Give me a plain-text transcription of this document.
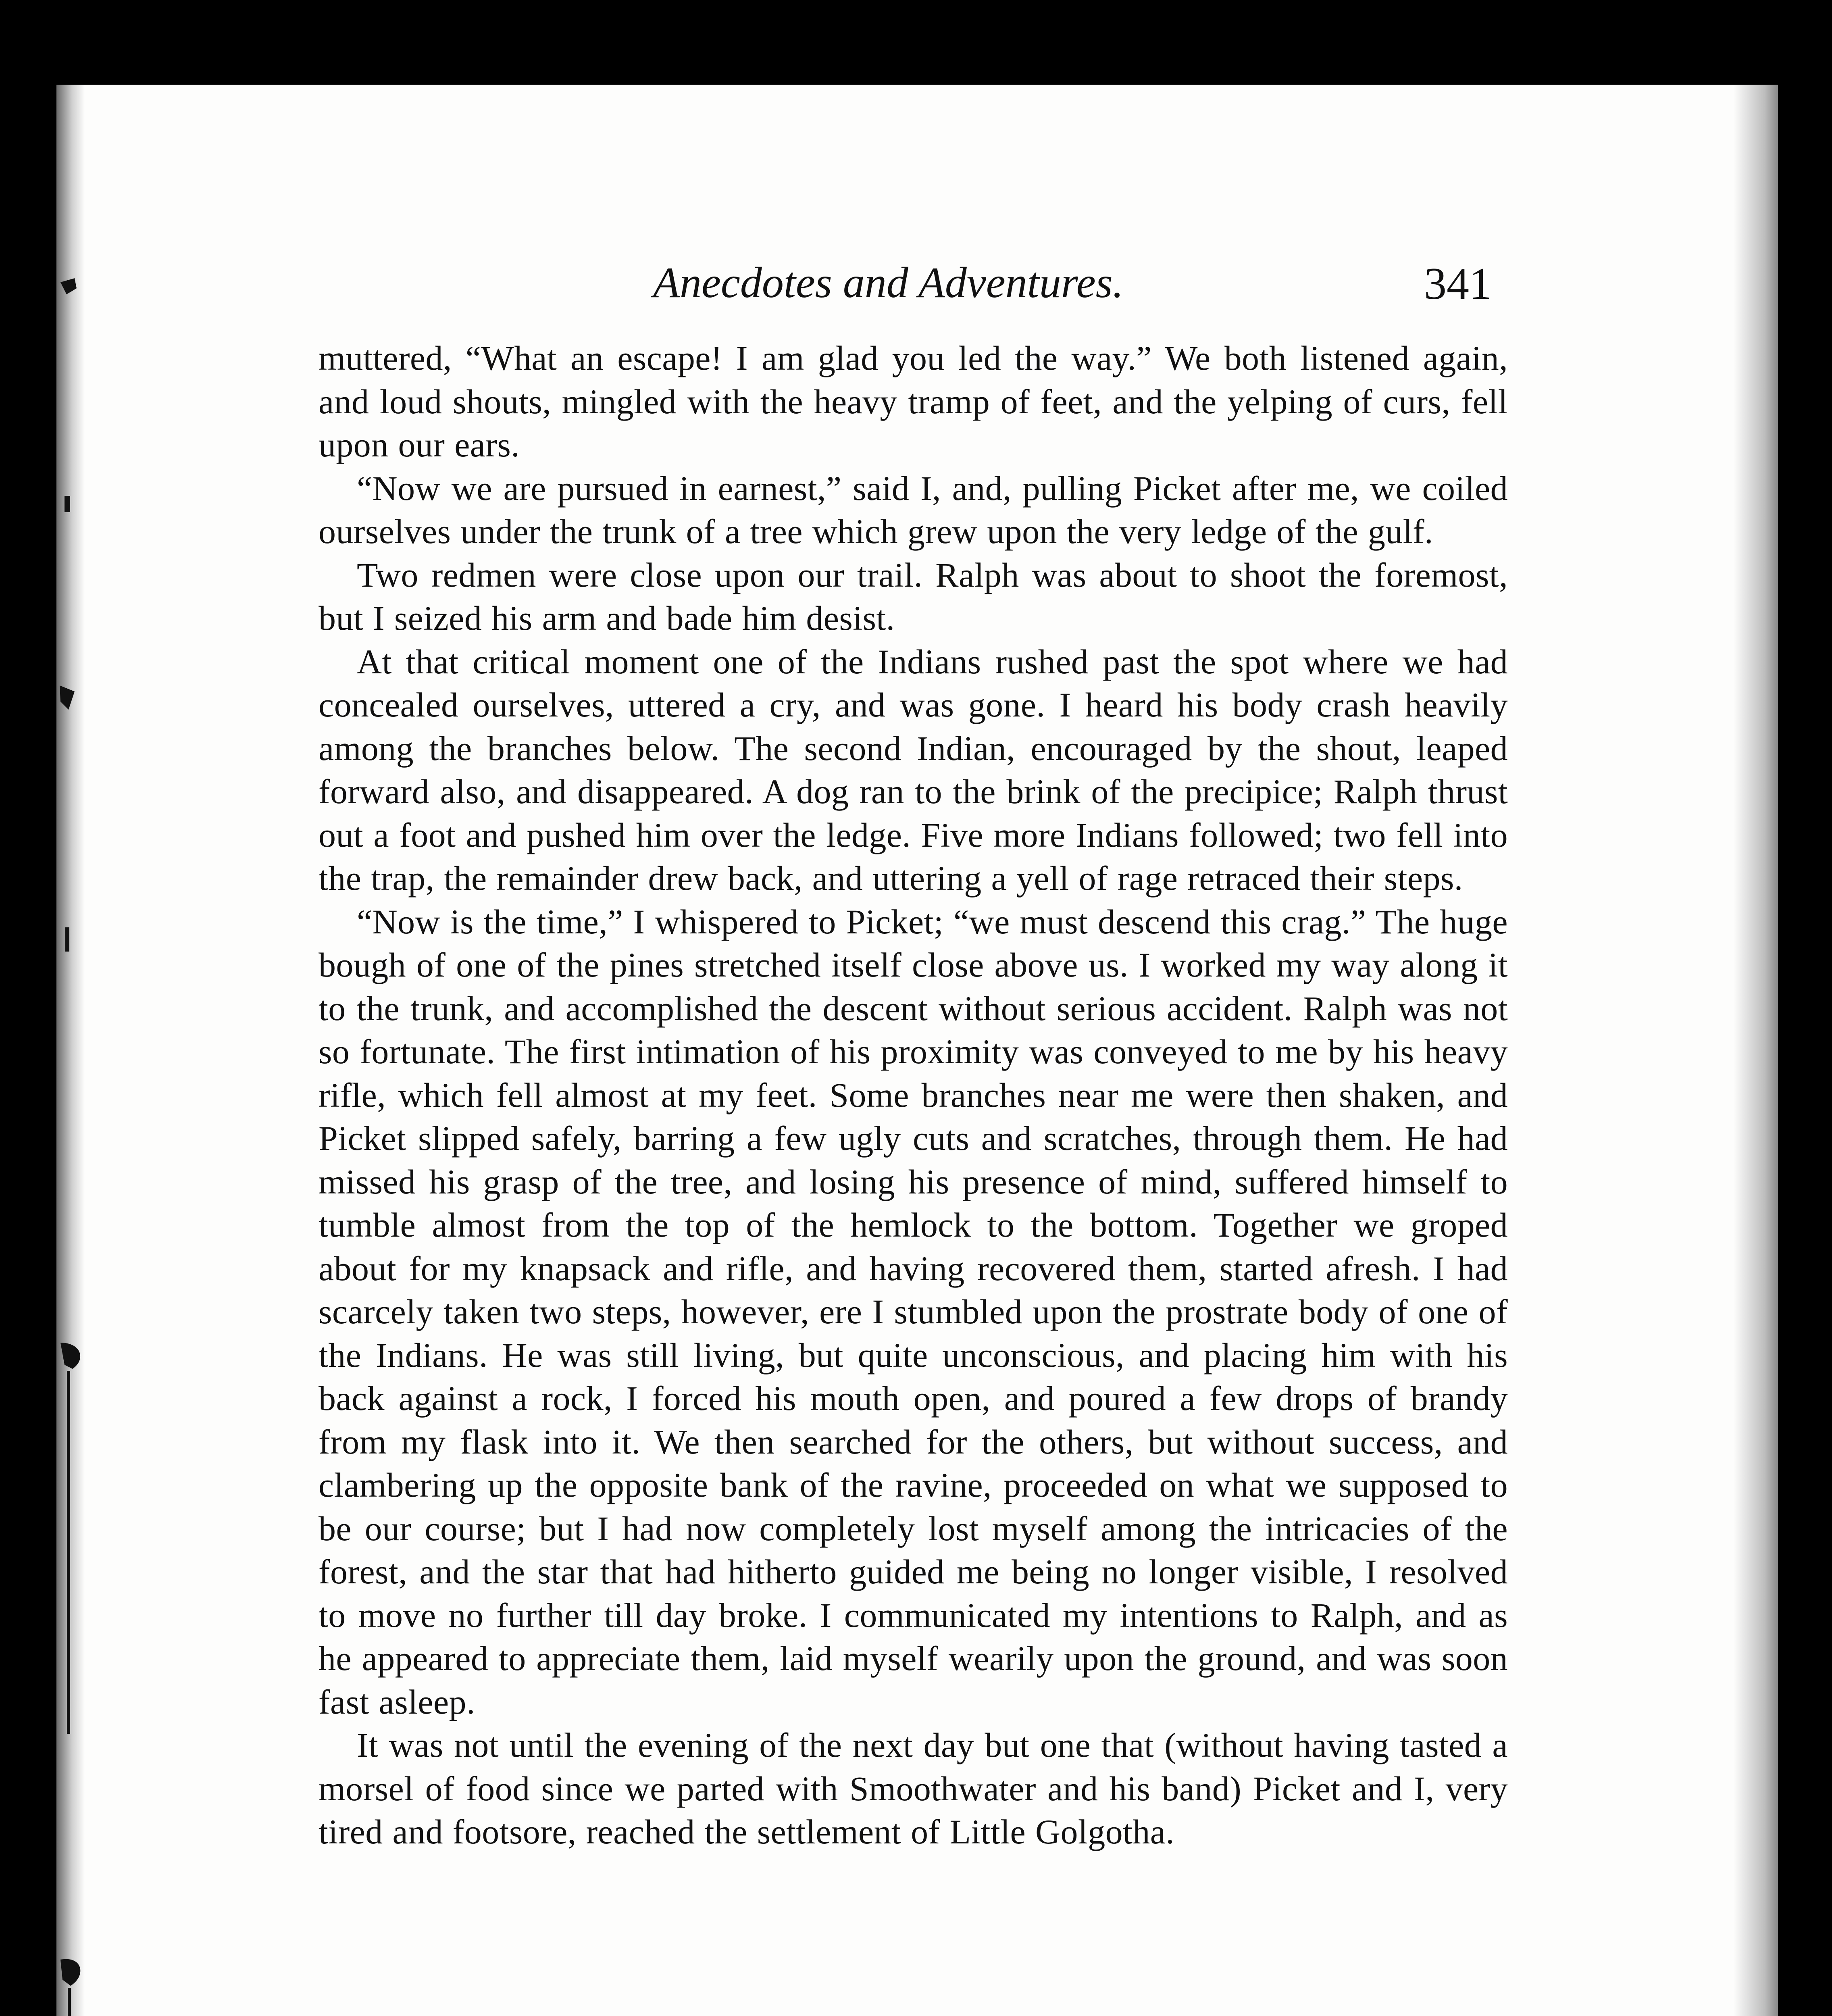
Anecdotes and Adventures.	341

muttered, “What an escape! I am glad you led the way.” We both listened again, and loud shouts, mingled with the heavy tramp of feet, and the yelping of curs, fell upon our ears.

“Now we are pursued in earnest,” said I, and, pulling Picket after me, we coiled ourselves under the trunk of a tree which grew upon the very ledge of the gulf.

Two redmen were close upon our trail. Ralph was about to shoot the foremost, but I seized his arm and bade him desist.

At that critical moment one of the Indians rushed past the spot where we had concealed ourselves, uttered a cry, and was gone. I heard his body crash heavily among the branches below. The second Indian, encouraged by the shout, leaped forward also, and disappeared. A dog ran to the brink of the precipice; Ralph thrust out a foot and pushed him over the ledge. Five more Indians followed; two fell into the trap, the remainder drew back, and uttering a yell of rage retraced their steps.

“Now is the time,” I whispered to Picket; “we must descend this crag.” The huge bough of one of the pines stretched itself close above us. I worked my way along it to the trunk, and accomplished the descent without serious accident. Ralph was not so fortunate. The first intimation of his proximity was conveyed to me by his heavy rifle, which fell almost at my feet. Some branches near me were then shaken, and Picket slipped safely, barring a few ugly cuts and scratches, through them. He had missed his grasp of the tree, and losing his presence of mind, suffered himself to tumble almost from the top of the hemlock to the bottom. Together we groped about for my knapsack and rifle, and having recovered them, started afresh. I had scarcely taken two steps, however, ere I stumbled upon the prostrate body of one of the Indians. He was still living, but quite unconscious, and placing him with his back against a rock, I forced his mouth open, and poured a few drops of brandy from my flask into it. We then searched for the others, but without success, and clambering up the opposite bank of the ravine, proceeded on what we supposed to be our course; but I had now completely lost myself among the intricacies of the forest, and the star that had hitherto guided me being no longer visible, I resolved to move no further till day broke. I communicated my intentions to Ralph, and as he appeared to appreciate them, laid myself wearily upon the ground, and was soon fast asleep.

It was not until the evening of the next day but one that (without having tasted a morsel of food since we parted with Smoothwater and his band) Picket and I, very tired and footsore, reached the settlement of Little Golgotha.
